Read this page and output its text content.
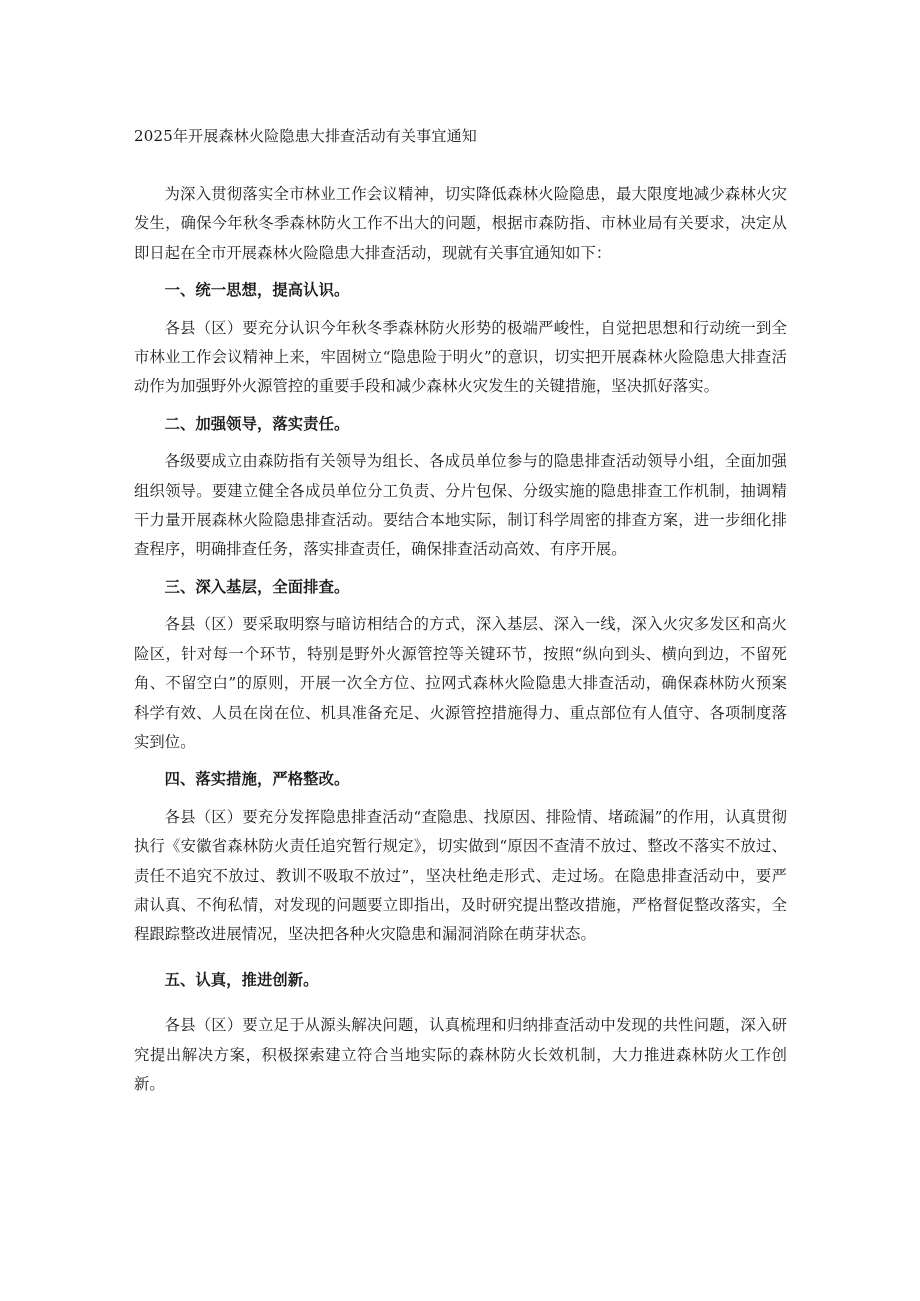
2025年开展森林火险隐患大排查活动有关事宜通知

为深入贯彻落实全市林业工作会议精神，切实降低森林火险隐患，最大限度地减少森林火灾发生，确保今年秋冬季森林防火工作不出大的问题，根据市森防指、市林业局有关要求，决定从即日起在全市开展森林火险隐患大排查活动，现就有关事宜通知如下：

一、统一思想，提高认识。

各县（区）要充分认识今年秋冬季森林防火形势的极端严峻性，自觉把思想和行动统一到全市林业工作会议精神上来，牢固树立“隐患险于明火”的意识，切实把开展森林火险隐患大排查活动作为加强野外火源管控的重要手段和减少森林火灾发生的关键措施，坚决抓好落实。

二、加强领导，落实责任。

各级要成立由森防指有关领导为组长、各成员单位参与的隐患排查活动领导小组，全面加强组织领导。要建立健全各成员单位分工负责、分片包保、分级实施的隐患排查工作机制，抽调精干力量开展森林火险隐患排查活动。要结合本地实际，制订科学周密的排查方案，进一步细化排查程序，明确排查任务，落实排查责任，确保排查活动高效、有序开展。

三、深入基层，全面排查。

各县（区）要采取明察与暗访相结合的方式，深入基层、深入一线，深入火灾多发区和高火险区，针对每一个环节，特别是野外火源管控等关键环节，按照“纵向到头、横向到边，不留死角、不留空白”的原则，开展一次全方位、拉网式森林火险隐患大排查活动，确保森林防火预案科学有效、人员在岗在位、机具准备充足、火源管控措施得力、重点部位有人值守、各项制度落实到位。

四、落实措施，严格整改。

各县（区）要充分发挥隐患排查活动“查隐患、找原因、排险情、堵疏漏”的作用，认真贯彻执行《安徽省森林防火责任追究暂行规定》，切实做到“原因不查清不放过、整改不落实不放过、责任不追究不放过、教训不吸取不放过”，坚决杜绝走形式、走过场。在隐患排查活动中，要严肃认真、不徇私情，对发现的问题要立即指出，及时研究提出整改措施，严格督促整改落实，全程跟踪整改进展情况，坚决把各种火灾隐患和漏洞消除在萌芽状态。

五、认真，推进创新。

各县（区）要立足于从源头解决问题，认真梳理和归纳排查活动中发现的共性问题，深入研究提出解决方案，积极探索建立符合当地实际的森林防火长效机制，大力推进森林防火工作创新。
